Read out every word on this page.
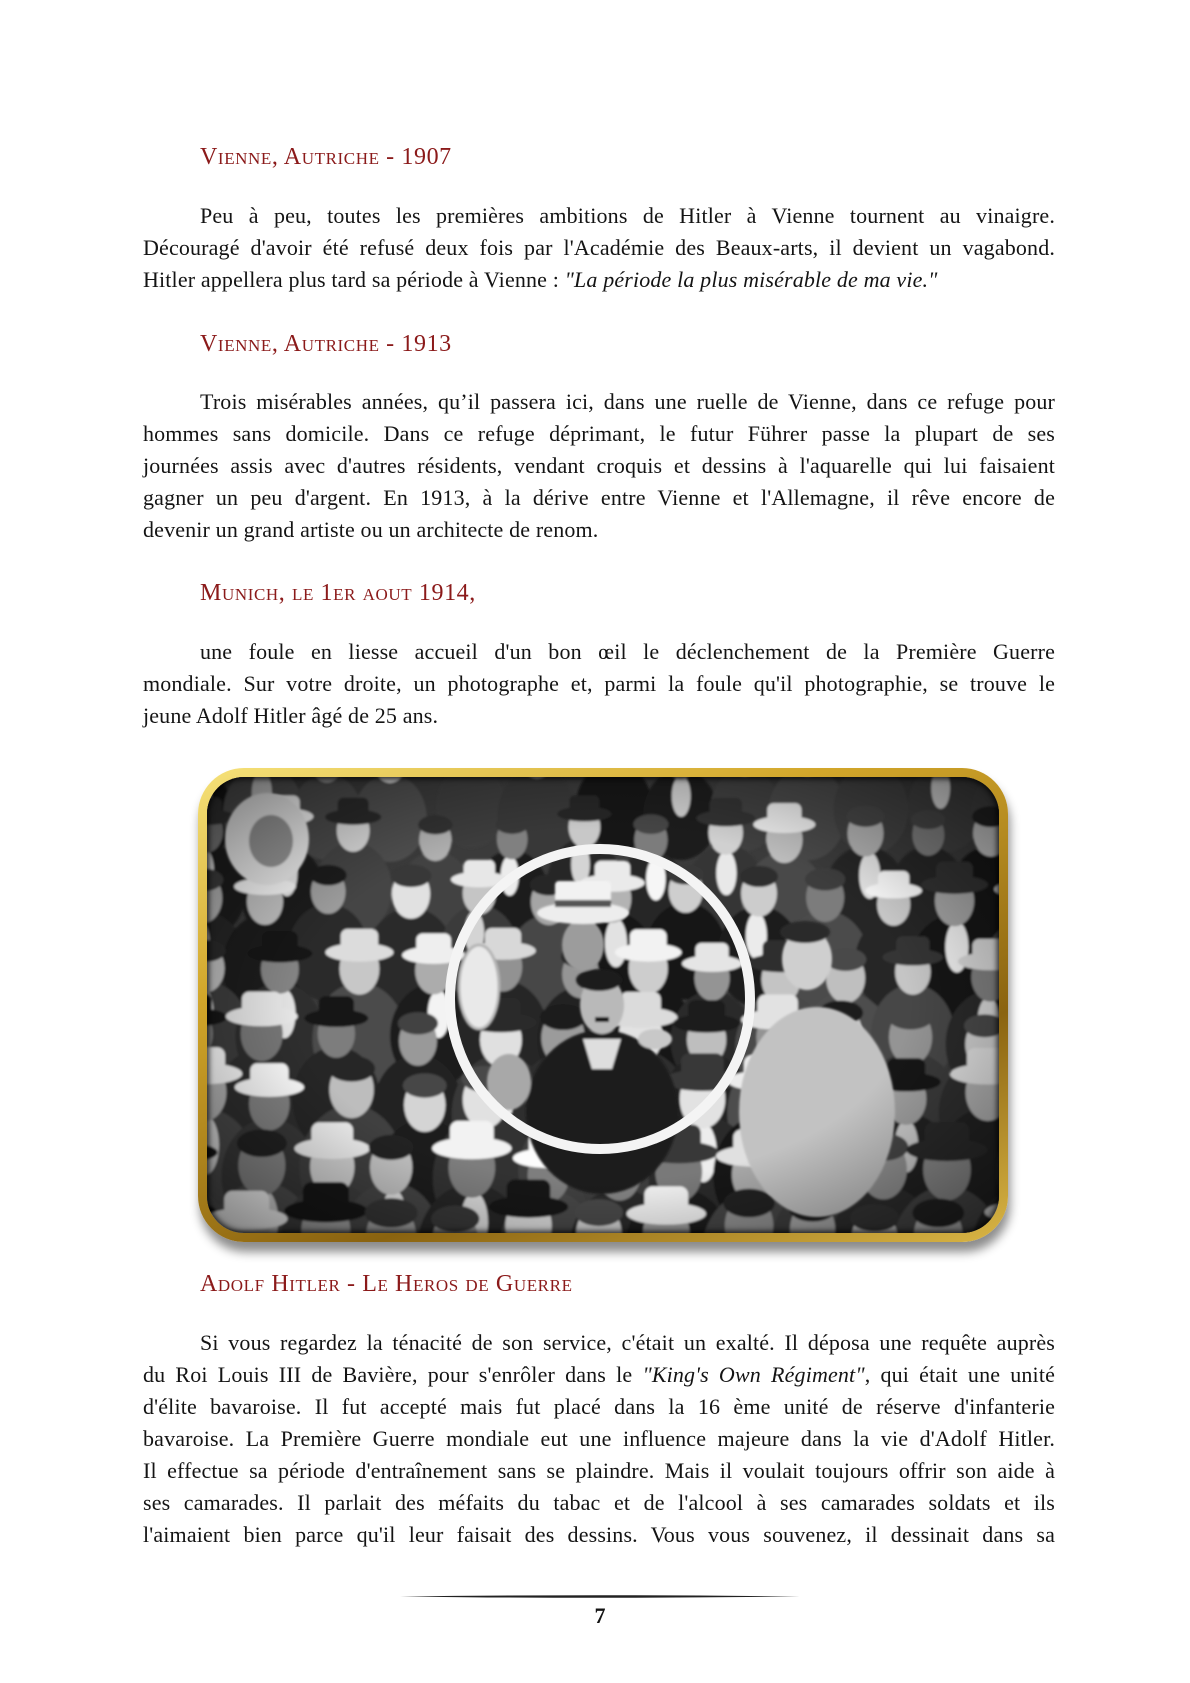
Vienne, Autriche - 1907
Peu à peu, toutes les premières ambitions de Hitler à Vienne tournent au vinaigre.
Découragé d'avoir été refusé deux fois par l'Académie des Beaux-arts, il devient un vagabond.
Hitler appellera plus tard sa période à Vienne : "La période la plus misérable de ma vie."
Vienne, Autriche - 1913
Trois misérables années, qu’il passera ici, dans une ruelle de Vienne, dans ce refuge pour
hommes sans domicile. Dans ce refuge déprimant, le futur Führer passe la plupart de ses
journées assis avec d'autres résidents, vendant croquis et dessins à l'aquarelle qui lui faisaient
gagner un peu d'argent. En 1913, à la dérive entre Vienne et l'Allemagne, il rêve encore de
devenir un grand artiste ou un architecte de renom.
Munich, le 1er aout 1914,
une foule en liesse accueil d'un bon œil le déclenchement de la Première Guerre
mondiale. Sur votre droite, un photographe et, parmi la foule qu'il photographie, se trouve le
jeune Adolf Hitler âgé de 25 ans.
Adolf Hitler - Le Heros de Guerre
Si vous regardez la ténacité de son service, c'était un exalté. Il déposa une requête auprès
du Roi Louis III de Bavière, pour s'enrôler dans le "King's Own Régiment", qui était une unité
d'élite bavaroise. Il fut accepté mais fut placé dans la 16 ème unité de réserve d'infanterie
bavaroise. La Première Guerre mondiale eut une influence majeure dans la vie d'Adolf Hitler.
Il effectue sa période d'entraînement sans se plaindre. Mais il voulait toujours offrir son aide à
ses camarades. Il parlait des méfaits du tabac et de l'alcool à ses camarades soldats et ils
l'aimaient bien parce qu'il leur faisait des dessins. Vous vous souvenez, il dessinait dans sa
7
